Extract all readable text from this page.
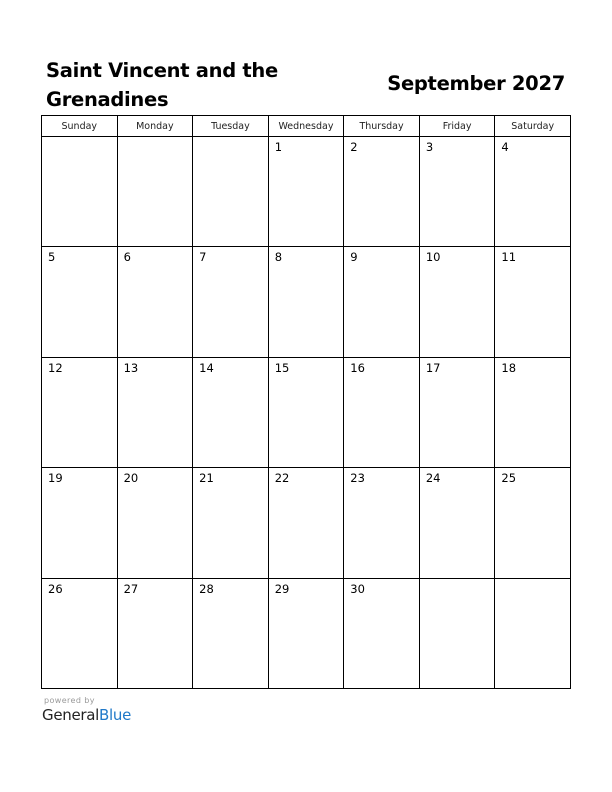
Saint Vincent and the Grenadines
September 2027
Sunday	Monday	Tuesday	Wednesday	Thursday	Friday	Saturday

			1	2	3	4

5	6	7	8	9	10	11

12	13	14	15	16	17	18

19	20	21	22	23	24	25

26	27	28	29	30		

powered by
GeneralBlue
